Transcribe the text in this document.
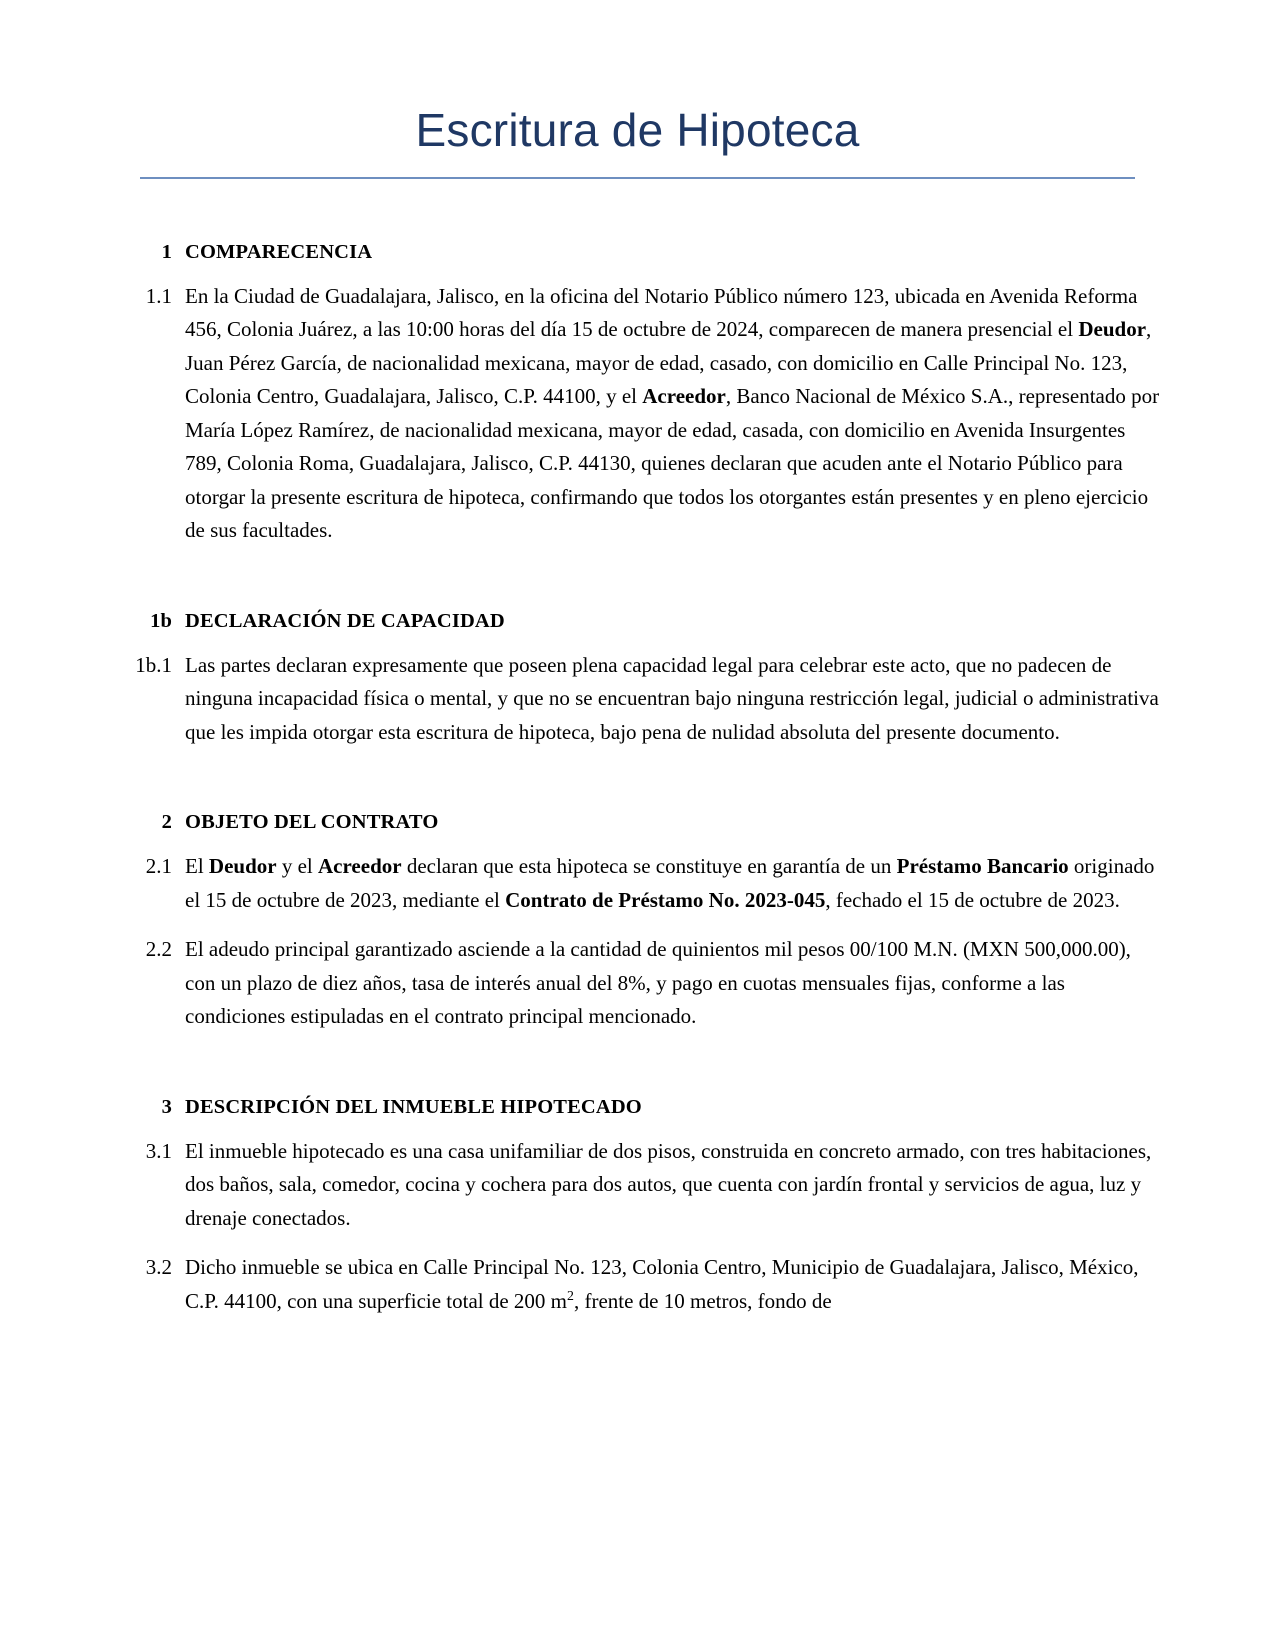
Escritura de Hipoteca
1 COMPARECENCIA
1.1 En la Ciudad de Guadalajara, Jalisco, en la oficina del Notario Público número 123, ubicada en Avenida Reforma 456, Colonia Juárez, a las 10:00 horas del día 15 de octubre de 2024, comparecen de manera presencial el Deudor, Juan Pérez García, de nacionalidad mexicana, mayor de edad, casado, con domicilio en Calle Principal No. 123, Colonia Centro, Guadalajara, Jalisco, C.P. 44100, y el Acreedor, Banco Nacional de México S.A., representado por María López Ramírez, de nacionalidad mexicana, mayor de edad, casada, con domicilio en Avenida Insurgentes 789, Colonia Roma, Guadalajara, Jalisco, C.P. 44130, quienes declaran que acuden ante el Notario Público para otorgar la presente escritura de hipoteca, confirmando que todos los otorgantes están presentes y en pleno ejercicio de sus facultades.
1b DECLARACIÓN DE CAPACIDAD
1b.1 Las partes declaran expresamente que poseen plena capacidad legal para celebrar este acto, que no padecen de ninguna incapacidad física o mental, y que no se encuentran bajo ninguna restricción legal, judicial o administrativa que les impida otorgar esta escritura de hipoteca, bajo pena de nulidad absoluta del presente documento.
2 OBJETO DEL CONTRATO
2.1 El Deudor y el Acreedor declaran que esta hipoteca se constituye en garantía de un Préstamo Bancario originado el 15 de octubre de 2023, mediante el Contrato de Préstamo No. 2023-045, fechado el 15 de octubre de 2023.
2.2 El adeudo principal garantizado asciende a la cantidad de quinientos mil pesos 00/100 M.N. (MXN 500,000.00), con un plazo de diez años, tasa de interés anual del 8%, y pago en cuotas mensuales fijas, conforme a las condiciones estipuladas en el contrato principal mencionado.
3 DESCRIPCIÓN DEL INMUEBLE HIPOTECADO
3.1 El inmueble hipotecado es una casa unifamiliar de dos pisos, construida en concreto armado, con tres habitaciones, dos baños, sala, comedor, cocina y cochera para dos autos, que cuenta con jardín frontal y servicios de agua, luz y drenaje conectados.
3.2 Dicho inmueble se ubica en Calle Principal No. 123, Colonia Centro, Municipio de Guadalajara, Jalisco, México, C.P. 44100, con una superficie total de 200 $m^2$, frente de 10 metros, fondo de
